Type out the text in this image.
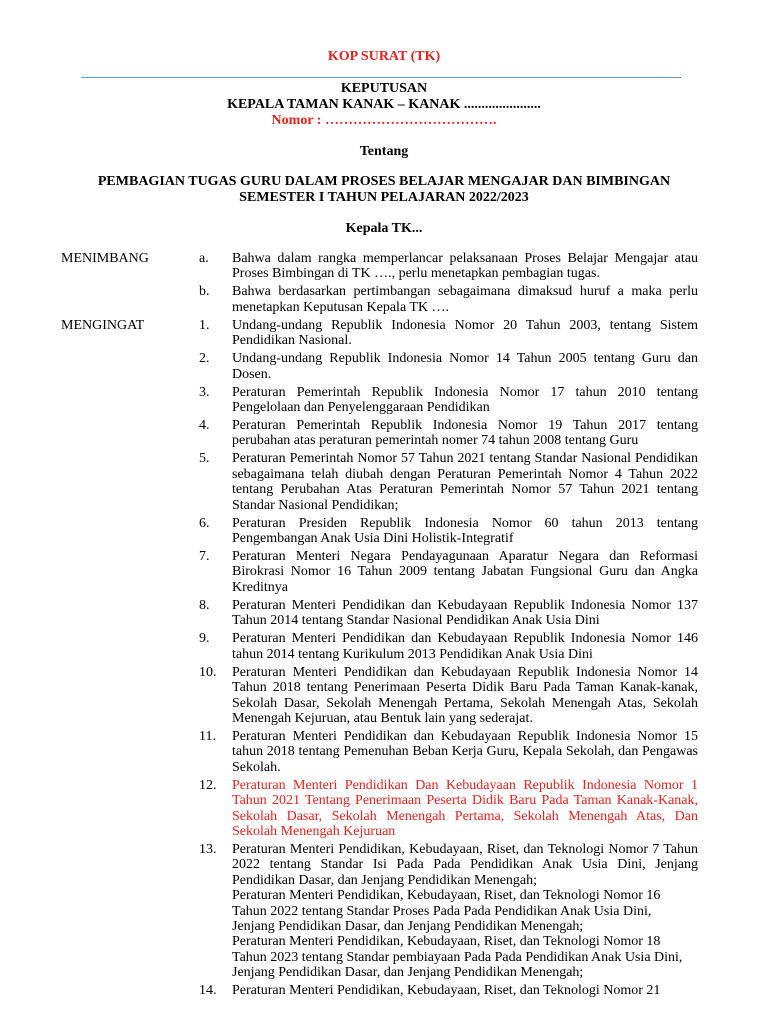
KOP SURAT (TK)
KEPUTUSAN
KEPALA TAMAN KANAK – KANAK ......................
Nomor : ……………………………….
Tentang
PEMBAGIAN TUGAS GURU DALAM PROSES BELAJAR MENGAJAR DAN BIMBINGAN
SEMESTER I TAHUN PELAJARAN 2022/2023
Kepala TK...
MENIMBANG	a.	Bahwa dalam rangka memperlancar pelaksanaan Proses Belajar Mengajar atau Proses Bimbingan di TK …., perlu menetapkan pembagian tugas.
b.	Bahwa berdasarkan pertimbangan sebagaimana dimaksud huruf a maka perlu menetapkan Keputusan Kepala TK ….
MENGINGAT	1.	Undang-undang Republik Indonesia Nomor 20 Tahun 2003, tentang Sistem Pendidikan Nasional.
2.	Undang-undang Republik Indonesia Nomor 14 Tahun 2005 tentang Guru dan Dosen.
3.	Peraturan Pemerintah Republik Indonesia Nomor 17 tahun 2010 tentang Pengelolaan dan Penyelenggaraan Pendidikan
4.	Peraturan Pemerintah Republik Indonesia Nomor 19 Tahun 2017 tentang perubahan atas peraturan pemerintah nomer 74 tahun 2008 tentang Guru
5.	Peraturan Pemerintah Nomor 57 Tahun 2021 tentang Standar Nasional Pendidikan sebagaimana telah diubah dengan Peraturan Pemerintah Nomor 4 Tahun 2022 tentang Perubahan Atas Peraturan Pemerintah Nomor 57 Tahun 2021 tentang Standar Nasional Pendidikan;
6.	Peraturan Presiden Republik Indonesia Nomor 60 tahun 2013 tentang Pengembangan Anak Usia Dini Holistik-Integratif
7.	Peraturan Menteri Negara Pendayagunaan Aparatur Negara dan Reformasi Birokrasi Nomor 16 Tahun 2009 tentang Jabatan Fungsional Guru dan Angka Kreditnya
8.	Peraturan Menteri Pendidikan dan Kebudayaan Republik Indonesia Nomor 137 Tahun 2014 tentang Standar Nasional Pendidikan Anak Usia Dini
9.	Peraturan Menteri Pendidikan dan Kebudayaan Republik Indonesia Nomor 146 tahun 2014 tentang Kurikulum 2013 Pendidikan Anak Usia Dini
10.	Peraturan Menteri Pendidikan dan Kebudayaan Republik Indonesia Nomor 14 Tahun 2018 tentang Penerimaan Peserta Didik Baru Pada Taman Kanak-kanak, Sekolah Dasar, Sekolah Menengah Pertama, Sekolah Menengah Atas, Sekolah Menengah Kejuruan, atau Bentuk lain yang sederajat.
11.	Peraturan Menteri Pendidikan dan Kebudayaan Republik Indonesia Nomor 15 tahun 2018 tentang Pemenuhan Beban Kerja Guru, Kepala Sekolah, dan Pengawas Sekolah.
12.	Peraturan Menteri Pendidikan Dan Kebudayaan Republik Indonesia Nomor 1 Tahun 2021 Tentang Penerimaan Peserta Didik Baru Pada Taman Kanak-Kanak, Sekolah Dasar, Sekolah Menengah Pertama, Sekolah Menengah Atas, Dan Sekolah Menengah Kejuruan
13.	Peraturan Menteri Pendidikan, Kebudayaan, Riset, dan Teknologi Nomor 7 Tahun 2022 tentang Standar Isi Pada Pada Pendidikan Anak Usia Dini, Jenjang Pendidikan Dasar, dan Jenjang Pendidikan Menengah;
Peraturan Menteri Pendidikan, Kebudayaan, Riset, dan Teknologi Nomor 16
Tahun 2022 tentang Standar Proses Pada Pada Pendidikan Anak Usia Dini,
Jenjang Pendidikan Dasar, dan Jenjang Pendidikan Menengah;
Peraturan Menteri Pendidikan, Kebudayaan, Riset, dan Teknologi Nomor 18
Tahun 2023 tentang Standar pembiayaan Pada Pada Pendidikan Anak Usia Dini,
Jenjang Pendidikan Dasar, dan Jenjang Pendidikan Menengah;
14.	Peraturan Menteri Pendidikan, Kebudayaan, Riset, dan Teknologi Nomor 21
